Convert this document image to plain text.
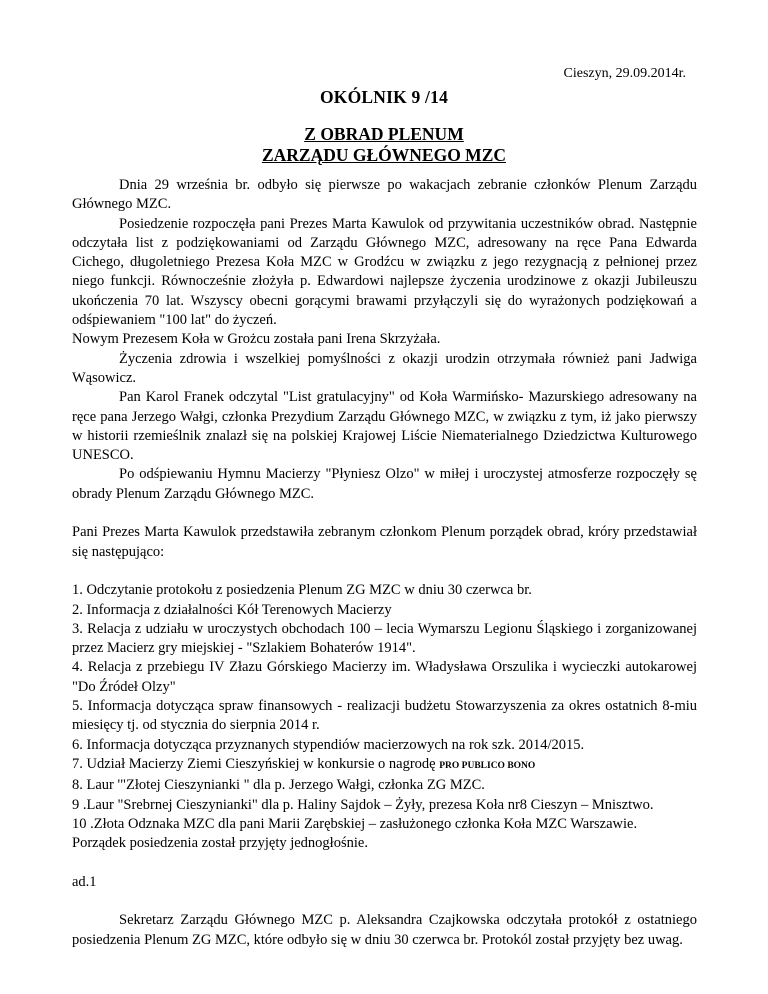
Cieszyn, 29.09.2014r.
OKÓLNIK 9 /14
Z OBRAD PLENUM
ZARZĄDU GŁÓWNEGO MZC

Dnia 29 września br. odbyło się pierwsze po wakacjach zebranie członków Plenum Zarządu Głównego MZC.

Posiedzenie rozpoczęła pani Prezes Marta Kawulok od przywitania uczestników obrad. Następnie odczytała list z podziękowaniami od Zarządu Głównego MZC, adresowany na ręce Pana Edwarda Cichego, długoletniego Prezesa Koła MZC w Grodźcu w związku z jego rezygnacją z pełnionej przez niego funkcji. Równocześnie złożyła p. Edwardowi najlepsze życzenia urodzinowe z okazji Jubileuszu ukończenia 70 lat. Wszyscy obecni gorącymi brawami przyłączyli się do wyrażonych podziękowań a odśpiewaniem "100 lat" do życzeń.

Nowym Prezesem Koła w Grożcu została pani Irena Skrzyżała.

Życzenia zdrowia i wszelkiej pomyślności z okazji urodzin otrzymała również pani Jadwiga Wąsowicz.

Pan Karol Franek odczytal "List gratulacyjny" od Koła Warmińsko- Mazurskiego adresowany na ręce pana Jerzego Wałgi, członka Prezydium Zarządu Głównego MZC, w związku z tym, iż jako pierwszy w historii rzemieślnik znalazł się na polskiej Krajowej Liście Niematerialnego Dziedzictwa Kulturowego UNESCO.

Po odśpiewaniu Hymnu Macierzy "Płyniesz Olzo" w miłej i uroczystej atmosferze rozpoczęły sę obrady Plenum Zarządu Głównego MZC.

Pani Prezes Marta Kawulok przedstawiła zebranym członkom Plenum porządek obrad, króry przedstawiał się następująco:

1. Odczytanie protokołu z posiedzenia Plenum ZG MZC w dniu 30 czerwca br.
2. Informacja z działalności Kół Terenowych Macierzy
3. Relacja z udziału w uroczystych obchodach 100 – lecia Wymarszu Legionu Śląskiego i zorganizowanej przez Macierz gry miejskiej - "Szlakiem Bohaterów 1914".
4. Relacja z przebiegu IV Złazu Górskiego Macierzy im. Władysława Orszulika i wycieczki autokarowej "Do Źródeł Olzy"
5. Informacja dotycząca spraw finansowych - realizacji budżetu Stowarzyszenia za okres ostatnich 8-miu miesięcy tj. od stycznia do sierpnia 2014 r.
6. Informacja dotycząca przyznanych stypendiów macierzowych na rok szk. 2014/2015.
7. Udział Macierzy Ziemi Cieszyńskiej w konkursie o nagrodę PRO PUBLICO BONO
8. Laur '"Złotej Cieszynianki " dla p. Jerzego Wałgi, członka ZG MZC.
9 .Laur "Srebrnej Cieszynianki" dla p. Haliny Sajdok – Żyły, prezesa Koła nr8 Cieszyn – Mnisztwo.
10 .Złota Odznaka MZC dla pani Marii Zarębskiej – zasłużonego członka Koła MZC Warszawie.

Porządek posiedzenia został przyjęty jednogłośnie.

ad.1

Sekretarz Zarządu Głównego MZC p. Aleksandra Czajkowska odczytała protokół z ostatniego posiedzenia Plenum ZG MZC, które odbyło się w dniu 30 czerwca br. Protokól został przyjęty bez uwag.
